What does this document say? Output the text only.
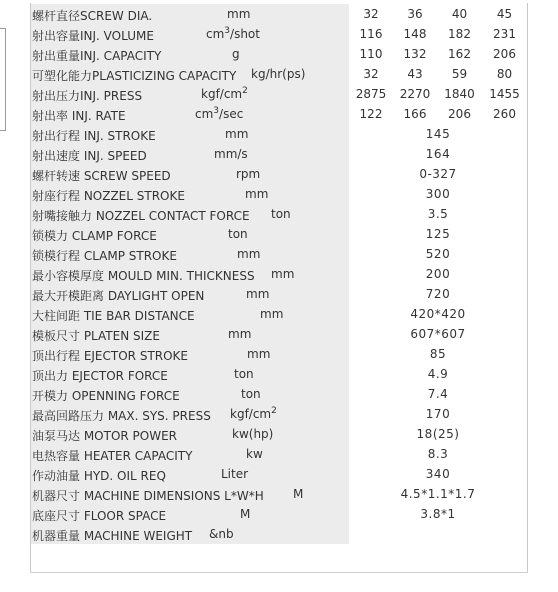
螺杆直径SCREW DIA. mm	32	36	40	45

射出容量INJ. VOLUME $cm^3$/shot	116	148	182	231

射出重量INJ. CAPACITY g	110	132	162	206

可塑化能力PLASTICIZING CAPACITY kg/hr(ps)	32	43	59	80

射出压力INJ. PRESS kgf/$cm^2$	2875	2270	1840	1455

射出率 INJ. RATE $cm^3/\sec$	122	166	206	260

射出行程 INJ. STROKE mm	145			

射出速度 INJ. SPEED mm/s	164			

螺杆转速 SCREW SPEED rpm	0-327			

射座行程 NOZZEL STROKE mm	300			

射嘴接触力 NOZZEL CONTACT FORCE ton	3.5			

锁模力 CLAMP FORCE ton	125			

锁模行程 CLAMP STROKE mm	520			

最小容模厚度 MOULD MIN. THICKNESS mm	200			

最大开模距离 DAYLIGHT OPEN mm	720			

大柱间距 TIE BAR DISTANCE mm	420*420			

模板尺寸 PLATEN SIZE mm	607*607			

顶出行程 EJECTOR STROKE mm	85			

顶出力 EJECTOR FORCE ton	4.9			

开模力 OPENNING FORCE ton	7.4			

最高回路压力 MAX. SYS. PRESS kgf/$cm^2$	170			

油泵马达 MOTOR POWER kw(hp)	18(25)			

电热容量 HEATER CAPACITY kw	8.3			

作动油量 HYD. OIL REQ Liter	340			

机器尺寸 MACHINE DIMENSIONS L*W*H M	4.5*1.1*1.7			

底座尺寸 FLOOR SPACE M	3.8*1			

机器重量 MACHINE WEIGHT &nb				
